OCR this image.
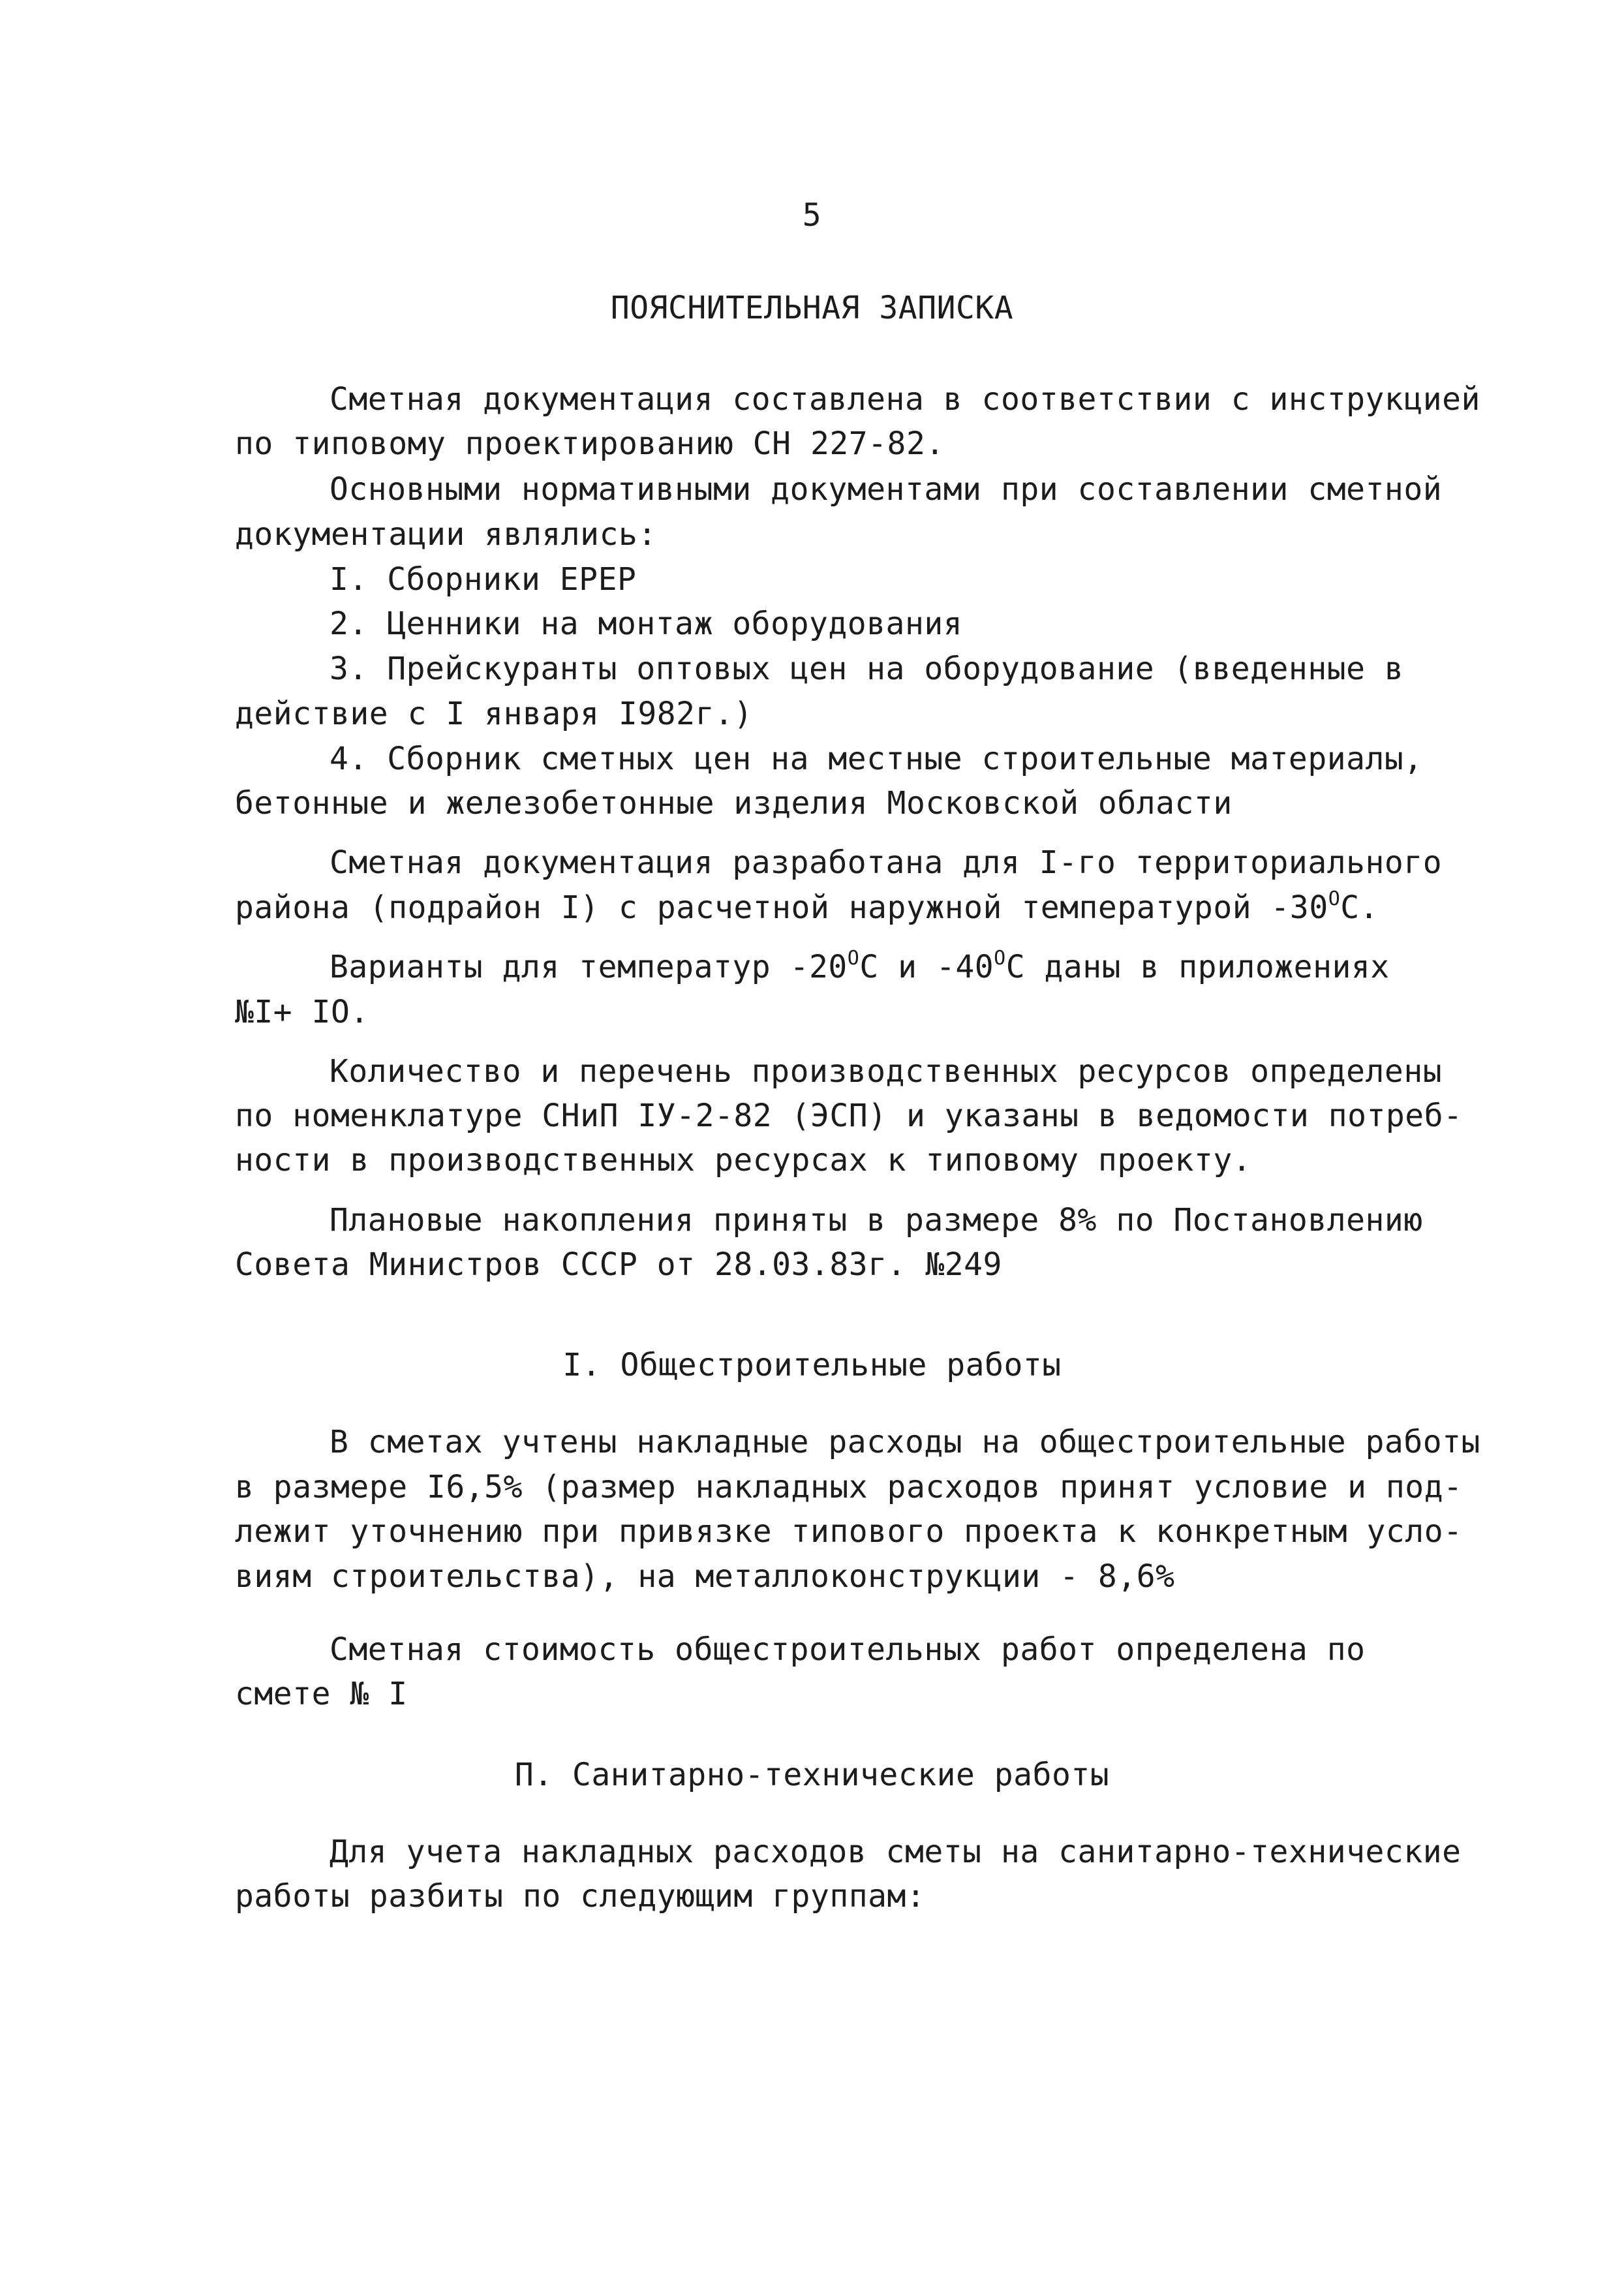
5
ПОЯСНИТЕЛЬНАЯ ЗАПИСКА
Сметная документация составлена в соответствии с инструкцией
по типовому проектированию СН 227-82.
Основными нормативными документами при составлении сметной
документации являлись:
I. Сборники ЕРЕР
2. Ценники на монтаж оборудования
3. Прейскуранты оптовых цен на оборудование (введенные в
действие с I января I982г.)
4. Сборник сметных цен на местные строительные материалы,
бетонные и железобетонные изделия Московской области
Сметная документация разработана для I-го территориального
района (подрайон I) с расчетной наружной температурой $-30^ОС$.
Варианты для температур $-20^ОС$ и $-40^ОС$ даны в приложениях
№I+ IO.
Количество и перечень производственных ресурсов определены
по номенклатуре СНиП IУ-2-82 (ЭСП) и указаны в ведомости потреб-
ности в производственных ресурсах к типовому проекту.
Плановые накопления приняты в размере 8% по Постановлению
Совета Министров СССР от 28.03.83г. №249
I. Общестроительные работы
В сметах учтены накладные расходы на общестроительные работы
в размере I6,5% (размер накладных расходов принят условие и под-
лежит уточнению при привязке типового проекта к конкретным усло-
виям строительства), на металлоконструкции - 8,6%
Сметная стоимость общестроительных работ определена по
смете № I
П. Санитарно-технические работы
Для учета накладных расходов сметы на санитарно-технические
работы разбиты по следующим группам:
